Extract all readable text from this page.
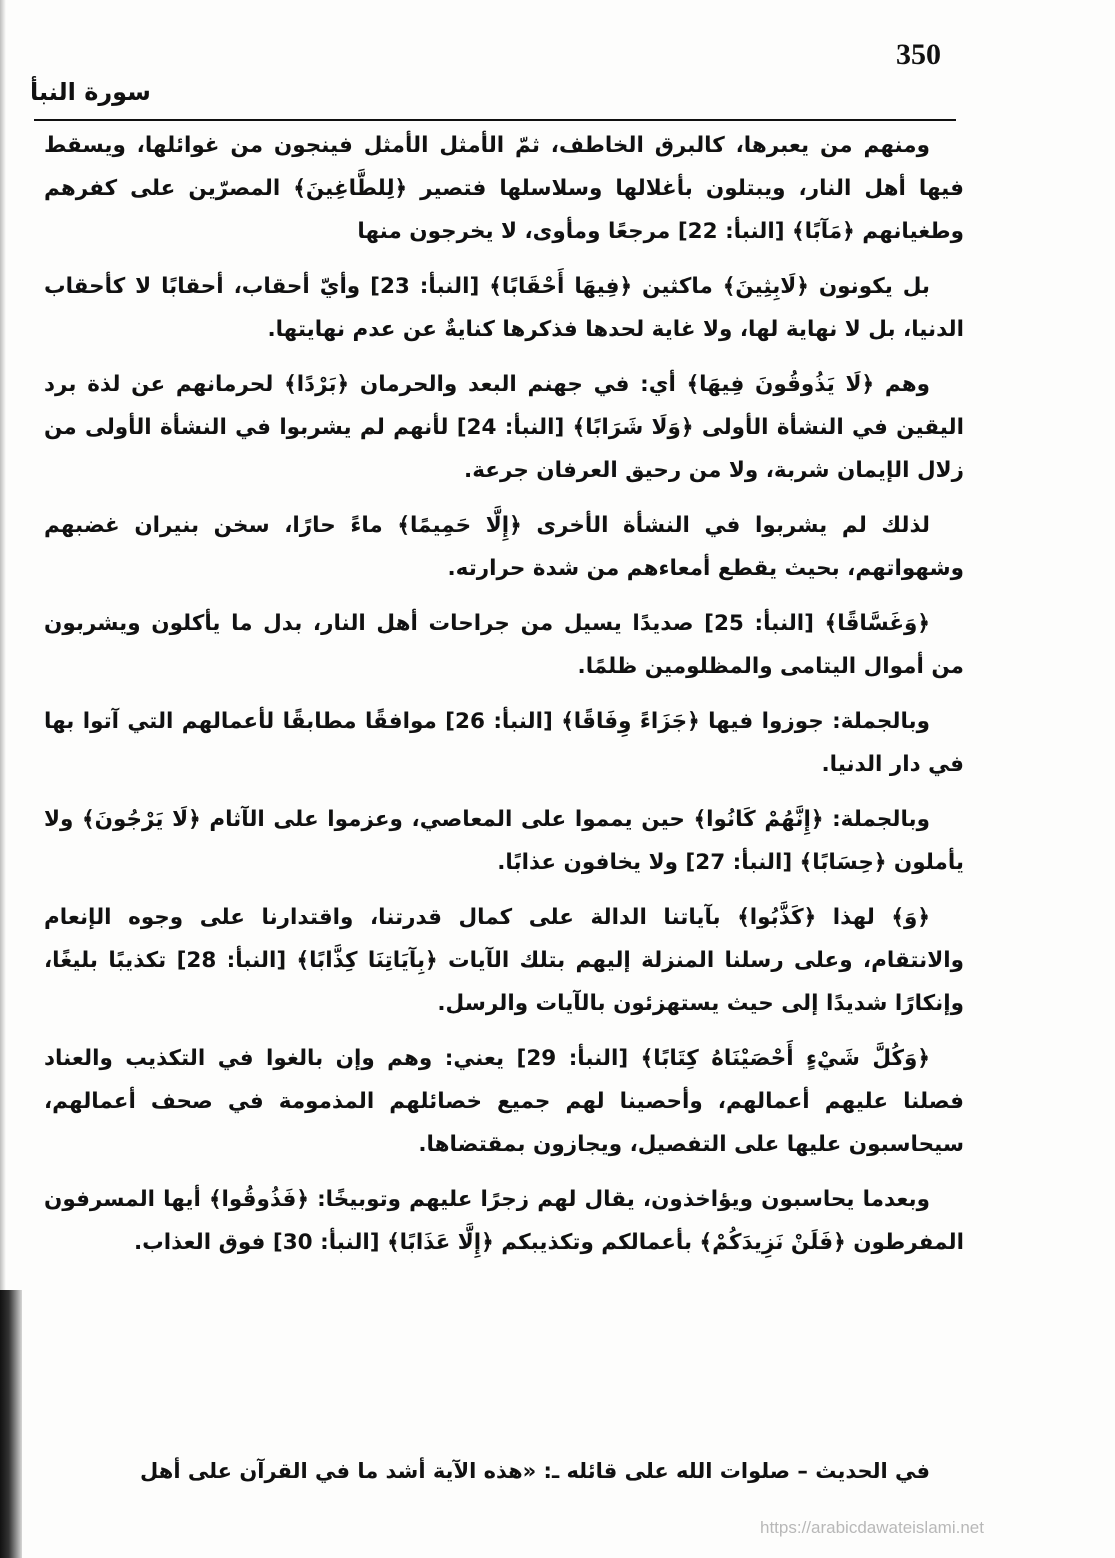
350
سورة النبأ

ومنهم من يعبرها، كالبرق الخاطف، ثمّ الأمثل الأمثل فينجون من غوائلها، ويسقط فيها أهل النار، ويبتلون بأغلالها وسلاسلها فتصير ﴿لِلطَّاغِينَ﴾ المصرّين على كفرهم وطغيانهم ﴿مَآبًا﴾ [النبأ: 22] مرجعًا ومأوى، لا يخرجون منها

بل يكونون ﴿لَابِثِينَ﴾ ماكثين ﴿فِيهَا أَحْقَابًا﴾ [النبأ: 23] وأيّ أحقاب، أحقابًا لا كأحقاب الدنيا، بل لا نهاية لها، ولا غاية لحدها فذكرها كنايةٌ عن عدم نهايتها.

وهم ﴿لَا يَذُوقُونَ فِيهَا﴾ أي: في جهنم البعد والحرمان ﴿بَرْدًا﴾ لحرمانهم عن لذة برد اليقين في النشأة الأولى ﴿وَلَا شَرَابًا﴾ [النبأ: 24] لأنهم لم يشربوا في النشأة الأولى من زلال الإيمان شربة، ولا من رحيق العرفان جرعة.

لذلك لم يشربوا في النشأة الأخرى ﴿إِلَّا حَمِيمًا﴾ ماءً حارًا، سخن بنيران غضبهم وشهواتهم، بحيث يقطع أمعاءهم من شدة حرارته.

﴿وَغَسَّاقًا﴾ [النبأ: 25] صديدًا يسيل من جراحات أهل النار، بدل ما يأكلون ويشربون من أموال اليتامى والمظلومين ظلمًا.

وبالجملة: جوزوا فيها ﴿جَزَاءً وِفَاقًا﴾ [النبأ: 26] موافقًا مطابقًا لأعمالهم التي آتوا بها في دار الدنيا.

وبالجملة: ﴿إِنَّهُمْ كَانُوا﴾ حين يمموا على المعاصي، وعزموا على الآثام ﴿لَا يَرْجُونَ﴾ ولا يأملون ﴿حِسَابًا﴾ [النبأ: 27] ولا يخافون عذابًا.

﴿وَ﴾ لهذا ﴿كَذَّبُوا﴾ بآياتنا الدالة على كمال قدرتنا، واقتدارنا على وجوه الإنعام والانتقام، وعلى رسلنا المنزلة إليهم بتلك الآيات ﴿بِآيَاتِنَا كِذَّابًا﴾ [النبأ: 28] تكذيبًا بليغًا، وإنكارًا شديدًا إلى حيث يستهزئون بالآيات والرسل.

﴿وَكُلَّ شَيْءٍ أَحْصَيْنَاهُ كِتَابًا﴾ [النبأ: 29] يعني: وهم وإن بالغوا في التكذيب والعناد فصلنا عليهم أعمالهم، وأحصينا لهم جميع خصائلهم المذمومة في صحف أعمالهم، سيحاسبون عليها على التفصيل، ويجازون بمقتضاها.

وبعدما يحاسبون ويؤاخذون، يقال لهم زجرًا عليهم وتوبيخًا: ﴿فَذُوقُوا﴾ أيها المسرفون المفرطون ﴿فَلَنْ نَزِيدَكُمْ﴾ بأعمالكم وتكذيبكم ﴿إِلَّا عَذَابًا﴾ [النبأ: 30] فوق العذاب.

في الحديث – صلوات الله على قائله ـ: «هذه الآية أشد ما في القرآن على أهل

https://arabicdawateislami.net
